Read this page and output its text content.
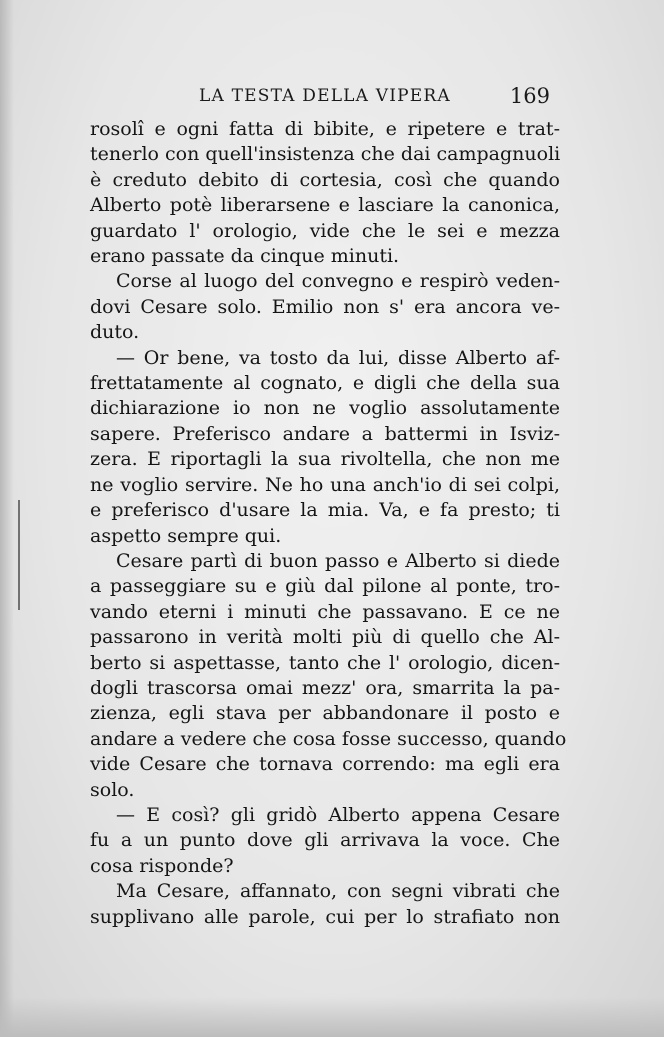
LA TESTA DELLA VIPERA	169
rosolî e ogni fatta di bibite, e ripetere e trat-
tenerlo con quell'insistenza che dai campagnuoli
è creduto debito di cortesia, così che quando
Alberto potè liberarsene e lasciare la canonica,
guardato l' orologio, vide che le sei e mezza
erano passate da cinque minuti.
Corse al luogo del convegno e respirò veden-
dovi Cesare solo. Emilio non s' era ancora ve-
duto.
— Or bene, va tosto da lui, disse Alberto af-
frettatamente al cognato, e digli che della sua
dichiarazione io non ne voglio assolutamente
sapere. Preferisco andare a battermi in Isviz-
zera. E riportagli la sua rivoltella, che non me
ne voglio servire. Ne ho una anch'io di sei colpi,
e preferisco d'usare la mia. Va, e fa presto; ti
aspetto sempre qui.
Cesare partì di buon passo e Alberto si diede
a passeggiare su e giù dal pilone al ponte, tro-
vando eterni i minuti che passavano. E ce ne
passarono in verità molti più di quello che Al-
berto si aspettasse, tanto che l' orologio, dicen-
dogli trascorsa omai mezz' ora, smarrita la pa-
zienza, egli stava per abbandonare il posto e
andare a vedere che cosa fosse successo, quando
vide Cesare che tornava correndo: ma egli era
solo.
— E così? gli gridò Alberto appena Cesare
fu a un punto dove gli arrivava la voce. Che
cosa risponde?
Ma Cesare, affannato, con segni vibrati che
supplivano alle parole, cui per lo strafiato non
